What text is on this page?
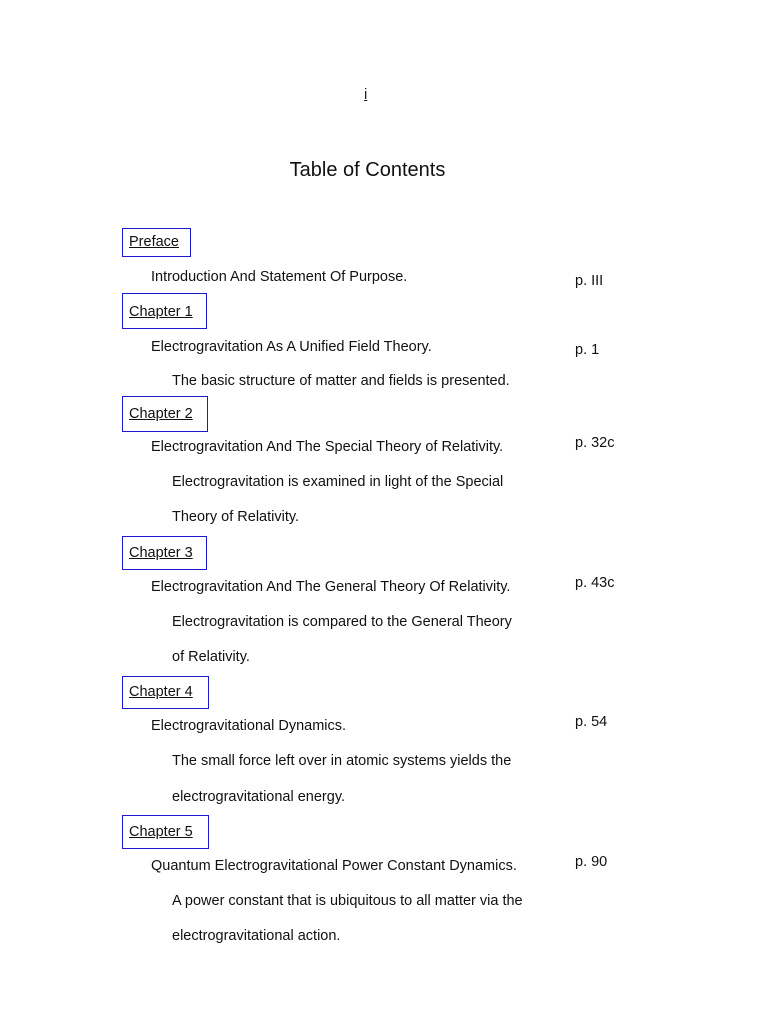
i
Table of Contents
Preface
Introduction And Statement Of Purpose.	p. III
Chapter 1
Electrogravitation As A Unified Field Theory.	p. 1
The basic structure of matter and fields is presented.
Chapter 2
Electrogravitation And The Special Theory of Relativity.	p. 32c
Electrogravitation is examined in light of the Special
Theory of Relativity.
Chapter 3
Electrogravitation And The General Theory Of Relativity.	p. 43c
Electrogravitation is compared to the General Theory
of Relativity.
Chapter 4
Electrogravitational Dynamics.	p. 54
The small force left over in atomic systems yields the
electrogravitational energy.
Chapter 5
Quantum Electrogravitational Power Constant Dynamics.	p. 90
A power constant that is ubiquitous to all matter via the
electrogravitational action.
